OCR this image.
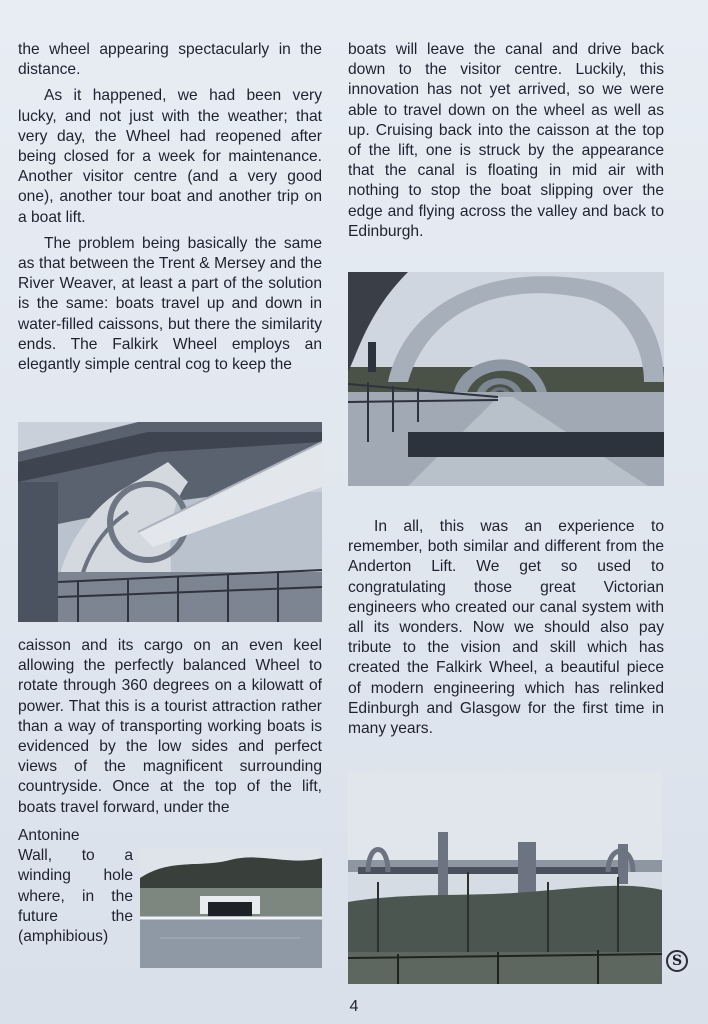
the wheel appearing spectacularly in the distance.

As it happened, we had been very lucky, and not just with the weather; that very day, the Wheel had reopened after being closed for a week for maintenance. Another visitor centre (and a very good one), another tour boat and another trip on a boat lift.

The problem being basically the same as that between the Trent & Mersey and the River Weaver, at least a part of the solution is the same: boats travel up and down in water-filled caissons, but there the similarity ends. The Falkirk Wheel employs an elegantly simple central cog to keep the

caisson and its cargo on an even keel allowing the perfectly balanced Wheel to rotate through 360 degrees on a kilowatt of power. That this is a tourist attraction rather than a way of transporting working boats is evidenced by the low sides and perfect views of the magnificent surrounding countryside. Once at the top of the lift, boats travel forward, under the

Antonine
Wall, to a
winding hole
where, in the
future the
(amphibious)

boats will leave the canal and drive back down to the visitor centre. Luckily, this innovation has not yet arrived, so we were able to travel down on the wheel as well as up. Cruising back into the caisson at the top of the lift, one is struck by the appearance that the canal is floating in mid air with nothing to stop the boat slipping over the edge and flying across the valley and back to Edinburgh.

In all, this was an experience to remember, both similar and different from the Anderton Lift. We get so used to congratulating those great Victorian engineers who created our canal system with all its wonders. Now we should also pay tribute to the vision and skill which has created the Falkirk Wheel, a beautiful piece of modern engineering which has relinked Edinburgh and Glasgow for the first time in many years.

S
4
